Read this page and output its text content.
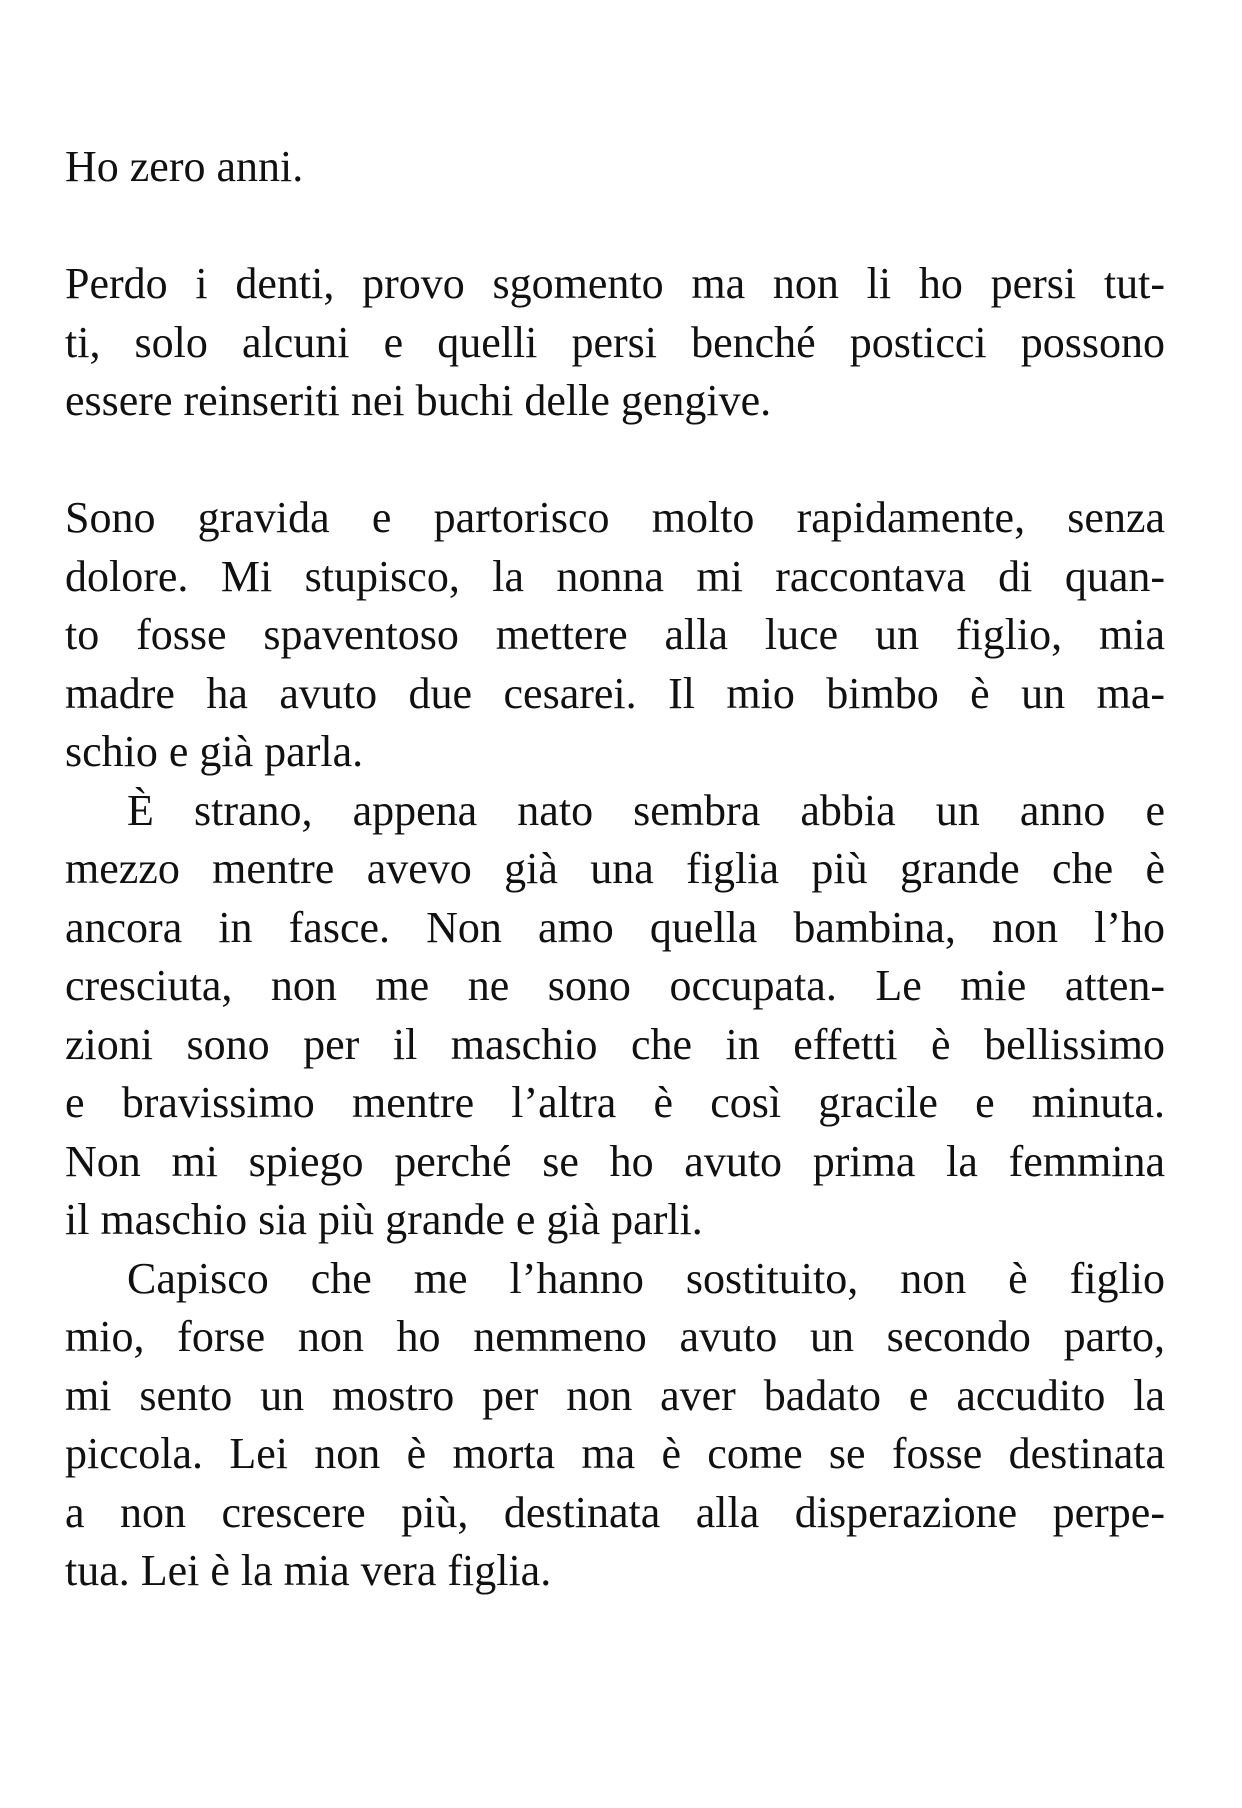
Ho zero anni.
Perdo i denti, provo sgomento ma non li ho persi tut-
ti, solo alcuni e quelli persi benché posticci possono
essere reinseriti nei buchi delle gengive.
Sono gravida e partorisco molto rapidamente, senza
dolore. Mi stupisco, la nonna mi raccontava di quan-
to fosse spaventoso mettere alla luce un figlio, mia
madre ha avuto due cesarei. Il mio bimbo è un ma-
schio e già parla.
È strano, appena nato sembra abbia un anno e
mezzo mentre avevo già una figlia più grande che è
ancora in fasce. Non amo quella bambina, non l’ho
cresciuta, non me ne sono occupata. Le mie atten-
zioni sono per il maschio che in effetti è bellissimo
e bravissimo mentre l’altra è così gracile e minuta.
Non mi spiego perché se ho avuto prima la femmina
il maschio sia più grande e già parli.
Capisco che me l’hanno sostituito, non è figlio
mio, forse non ho nemmeno avuto un secondo parto,
mi sento un mostro per non aver badato e accudito la
piccola. Lei non è morta ma è come se fosse destinata
a non crescere più, destinata alla disperazione perpe-
tua. Lei è la mia vera figlia.
